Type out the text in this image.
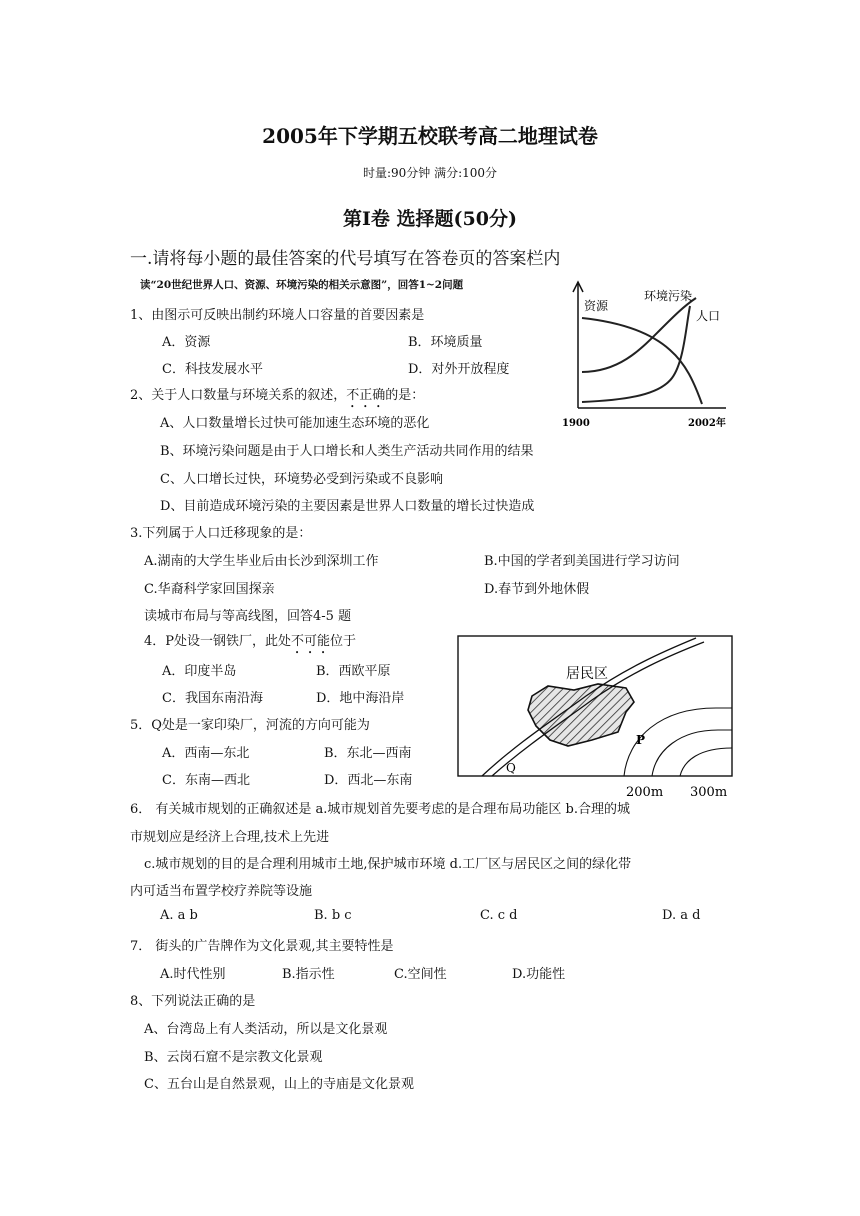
2005年下学期五校联考高二地理试卷
时量:90分钟 满分:100分
第I卷 选择题(50分)
一.请将每小题的最佳答案的代号填写在答卷页的答案栏内
读“20世纪世界人口、资源、环境污染的相关示意图”，回答1~2问题
资源
环境污染
人口
1900	2002年
1、由图示可反映出制约环境人口容量的首要因素是
A．资源	B．环境质量
C．科技发展水平	D．对外开放程度
2、关于人口数量与环境关系的叙述，不正确的是：
A、人口数量增长过快可能加速生态环境的恶化
B、环境污染问题是由于人口增长和人类生产活动共同作用的结果
C、人口增长过快，环境势必受到污染或不良影响
D、目前造成环境污染的主要因素是世界人口数量的增长过快造成
3.下列属于人口迁移现象的是：
A.湖南的大学生毕业后由长沙到深圳工作	B.中国的学者到美国进行学习访问
C.华裔科学家回国探亲	D.春节到外地休假
读城市布局与等高线图，回答4-5 题
4．P处设一钢铁厂，此处不可能位于
A．印度半岛	B．西欧平原
C．我国东南沿海	D．地中海沿岸
5．Q处是一家印染厂，河流的方向可能为
A．西南—东北	B．东北—西南
C．东南—西北	D．西北—东南
居民区
P
Q
200m 300m
6． 有关城市规划的正确叙述是 a.城市规划首先要考虑的是合理布局功能区 b.合理的城
市规划应是经济上合理,技术上先进
c.城市规划的目的是合理利用城市土地,保护城市环境 d.工厂区与居民区之间的绿化带
内可适当布置学校疗养院等设施
A. a b	B. b c	C. c d	D. a d
7． 街头的广告牌作为文化景观,其主要特性是
A.时代性别	B.指示性	C.空间性	D.功能性
8、下列说法正确的是
A、台湾岛上有人类活动，所以是文化景观
B、云岗石窟不是宗教文化景观
C、五台山是自然景观，山上的寺庙是文化景观
